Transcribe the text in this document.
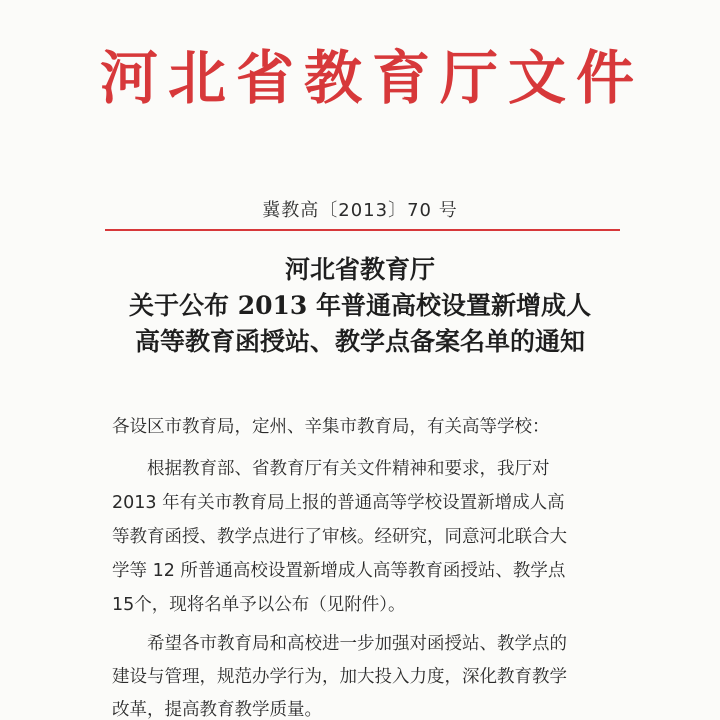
河北省教育厅文件
冀教高〔2013〕70 号
河北省教育厅
关于公布 2013 年普通高校设置新增成人
高等教育函授站、教学点备案名单的通知
各设区市教育局，定州、辛集市教育局，有关高等学校：
根据教育部、省教育厅有关文件精神和要求，我厅对
2013 年有关市教育局上报的普通高等学校设置新增成人高
等教育函授、教学点进行了审核。经研究，同意河北联合大
学等 12 所普通高校设置新增成人高等教育函授站、教学点
15个，现将名单予以公布（见附件）。
希望各市教育局和高校进一步加强对函授站、教学点的
建设与管理，规范办学行为，加大投入力度，深化教育教学
改革，提高教育教学质量。
